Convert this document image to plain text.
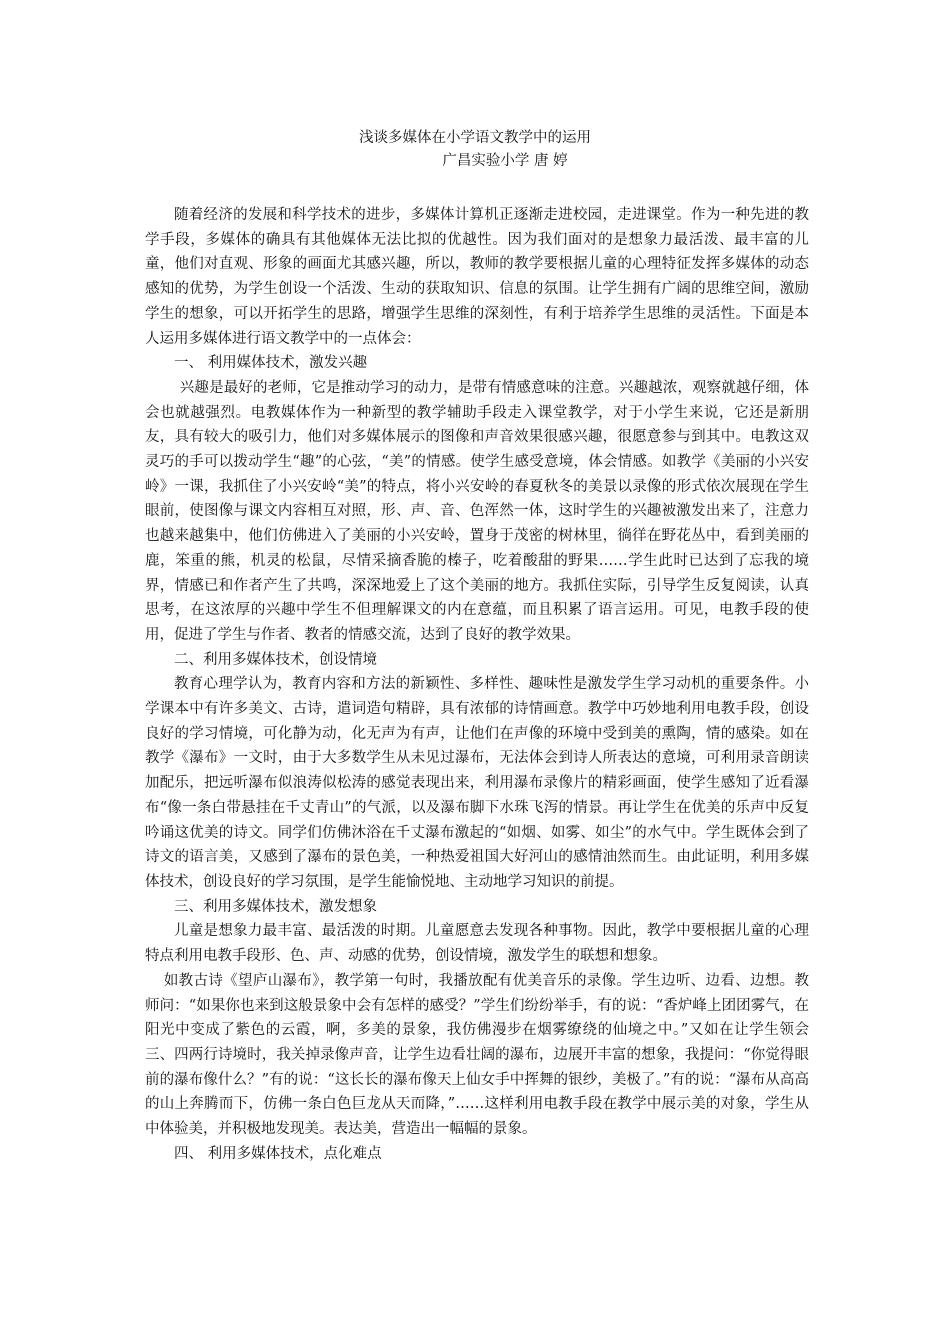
浅谈多媒体在小学语文教学中的运用
广昌实验小学 唐 婷

随着经济的发展和科学技术的进步，多媒体计算机正逐渐走进校园，走进课堂。作为一种先进的教学手段，多媒体的确具有其他媒体无法比拟的优越性。因为我们面对的是想象力最活泼、最丰富的儿童，他们对直观、形象的画面尤其感兴趣，所以，教师的教学要根据儿童的心理特征发挥多媒体的动态感知的优势，为学生创设一个活泼、生动的获取知识、信息的氛围。让学生拥有广阔的思维空间，激励学生的想象，可以开拓学生的思路，增强学生思维的深刻性，有利于培养学生思维的灵活性。下面是本人运用多媒体进行语文教学中的一点体会：

一、 利用媒体技术，激发兴趣

兴趣是最好的老师，它是推动学习的动力，是带有情感意味的注意。兴趣越浓，观察就越仔细，体会也就越强烈。电教媒体作为一种新型的教学辅助手段走入课堂教学，对于小学生来说，它还是新朋友，具有较大的吸引力，他们对多媒体展示的图像和声音效果很感兴趣，很愿意参与到其中。电教这双灵巧的手可以拨动学生“趣”的心弦，“美”的情感。使学生感受意境，体会情感。如教学《美丽的小兴安岭》一课，我抓住了小兴安岭“美”的特点，将小兴安岭的春夏秋冬的美景以录像的形式依次展现在学生眼前，使图像与课文内容相互对照，形、声、音、色浑然一体，这时学生的兴趣被激发出来了，注意力也越来越集中，他们仿佛进入了美丽的小兴安岭，置身于茂密的树林里，徜徉在野花丛中，看到美丽的鹿，笨重的熊，机灵的松鼠，尽情采摘香脆的榛子，吃着酸甜的野果……学生此时已达到了忘我的境界，情感已和作者产生了共鸣，深深地爱上了这个美丽的地方。我抓住实际，引导学生反复阅读，认真思考，在这浓厚的兴趣中学生不但理解课文的内在意蕴，而且积累了语言运用。可见，电教手段的使用，促进了学生与作者、教者的情感交流，达到了良好的教学效果。

二、利用多媒体技术，创设情境

教育心理学认为，教育内容和方法的新颖性、多样性、趣味性是激发学生学习动机的重要条件。小学课本中有许多美文、古诗，遣词造句精辟，具有浓郁的诗情画意。教学中巧妙地利用电教手段，创设良好的学习情境，可化静为动，化无声为有声，让他们在声像的环境中受到美的熏陶，情的感染。如在教学《瀑布》一文时，由于大多数学生从未见过瀑布，无法体会到诗人所表达的意境，可利用录音朗读加配乐，把远听瀑布似浪涛似松涛的感觉表现出来，利用瀑布录像片的精彩画面，使学生感知了近看瀑布“像一条白带悬挂在千丈青山”的气派，以及瀑布脚下水珠飞泻的情景。再让学生在优美的乐声中反复吟诵这优美的诗文。同学们仿佛沐浴在千丈瀑布激起的“如烟、如雾、如尘”的水气中。学生既体会到了诗文的语言美，又感到了瀑布的景色美，一种热爱祖国大好河山的感情油然而生。由此证明，利用多媒体技术，创设良好的学习氛围，是学生能愉悦地、主动地学习知识的前提。

三、利用多媒体技术，激发想象

儿童是想象力最丰富、最活泼的时期。儿童愿意去发现各种事物。因此，教学中要根据儿童的心理特点利用电教手段形、色、声、动感的优势，创设情境，激发学生的联想和想象。

如教古诗《望庐山瀑布》，教学第一句时，我播放配有优美音乐的录像。学生边听、边看、边想。教师问：“如果你也来到这般景象中会有怎样的感受？”学生们纷纷举手，有的说：“香炉峰上团团雾气，在阳光中变成了紫色的云霞，啊，多美的景象，我仿佛漫步在烟雾缭绕的仙境之中。”又如在让学生领会三、四两行诗境时，我关掉录像声音，让学生边看壮阔的瀑布，边展开丰富的想象，我提问：“你觉得眼前的瀑布像什么？”有的说：“这长长的瀑布像天上仙女手中挥舞的银纱，美极了。”有的说：“瀑布从高高的山上奔腾而下，仿佛一条白色巨龙从天而降，”……这样利用电教手段在教学中展示美的对象，学生从中体验美，并积极地发现美。表达美，营造出一幅幅的景象。

四、 利用多媒体技术，点化难点
